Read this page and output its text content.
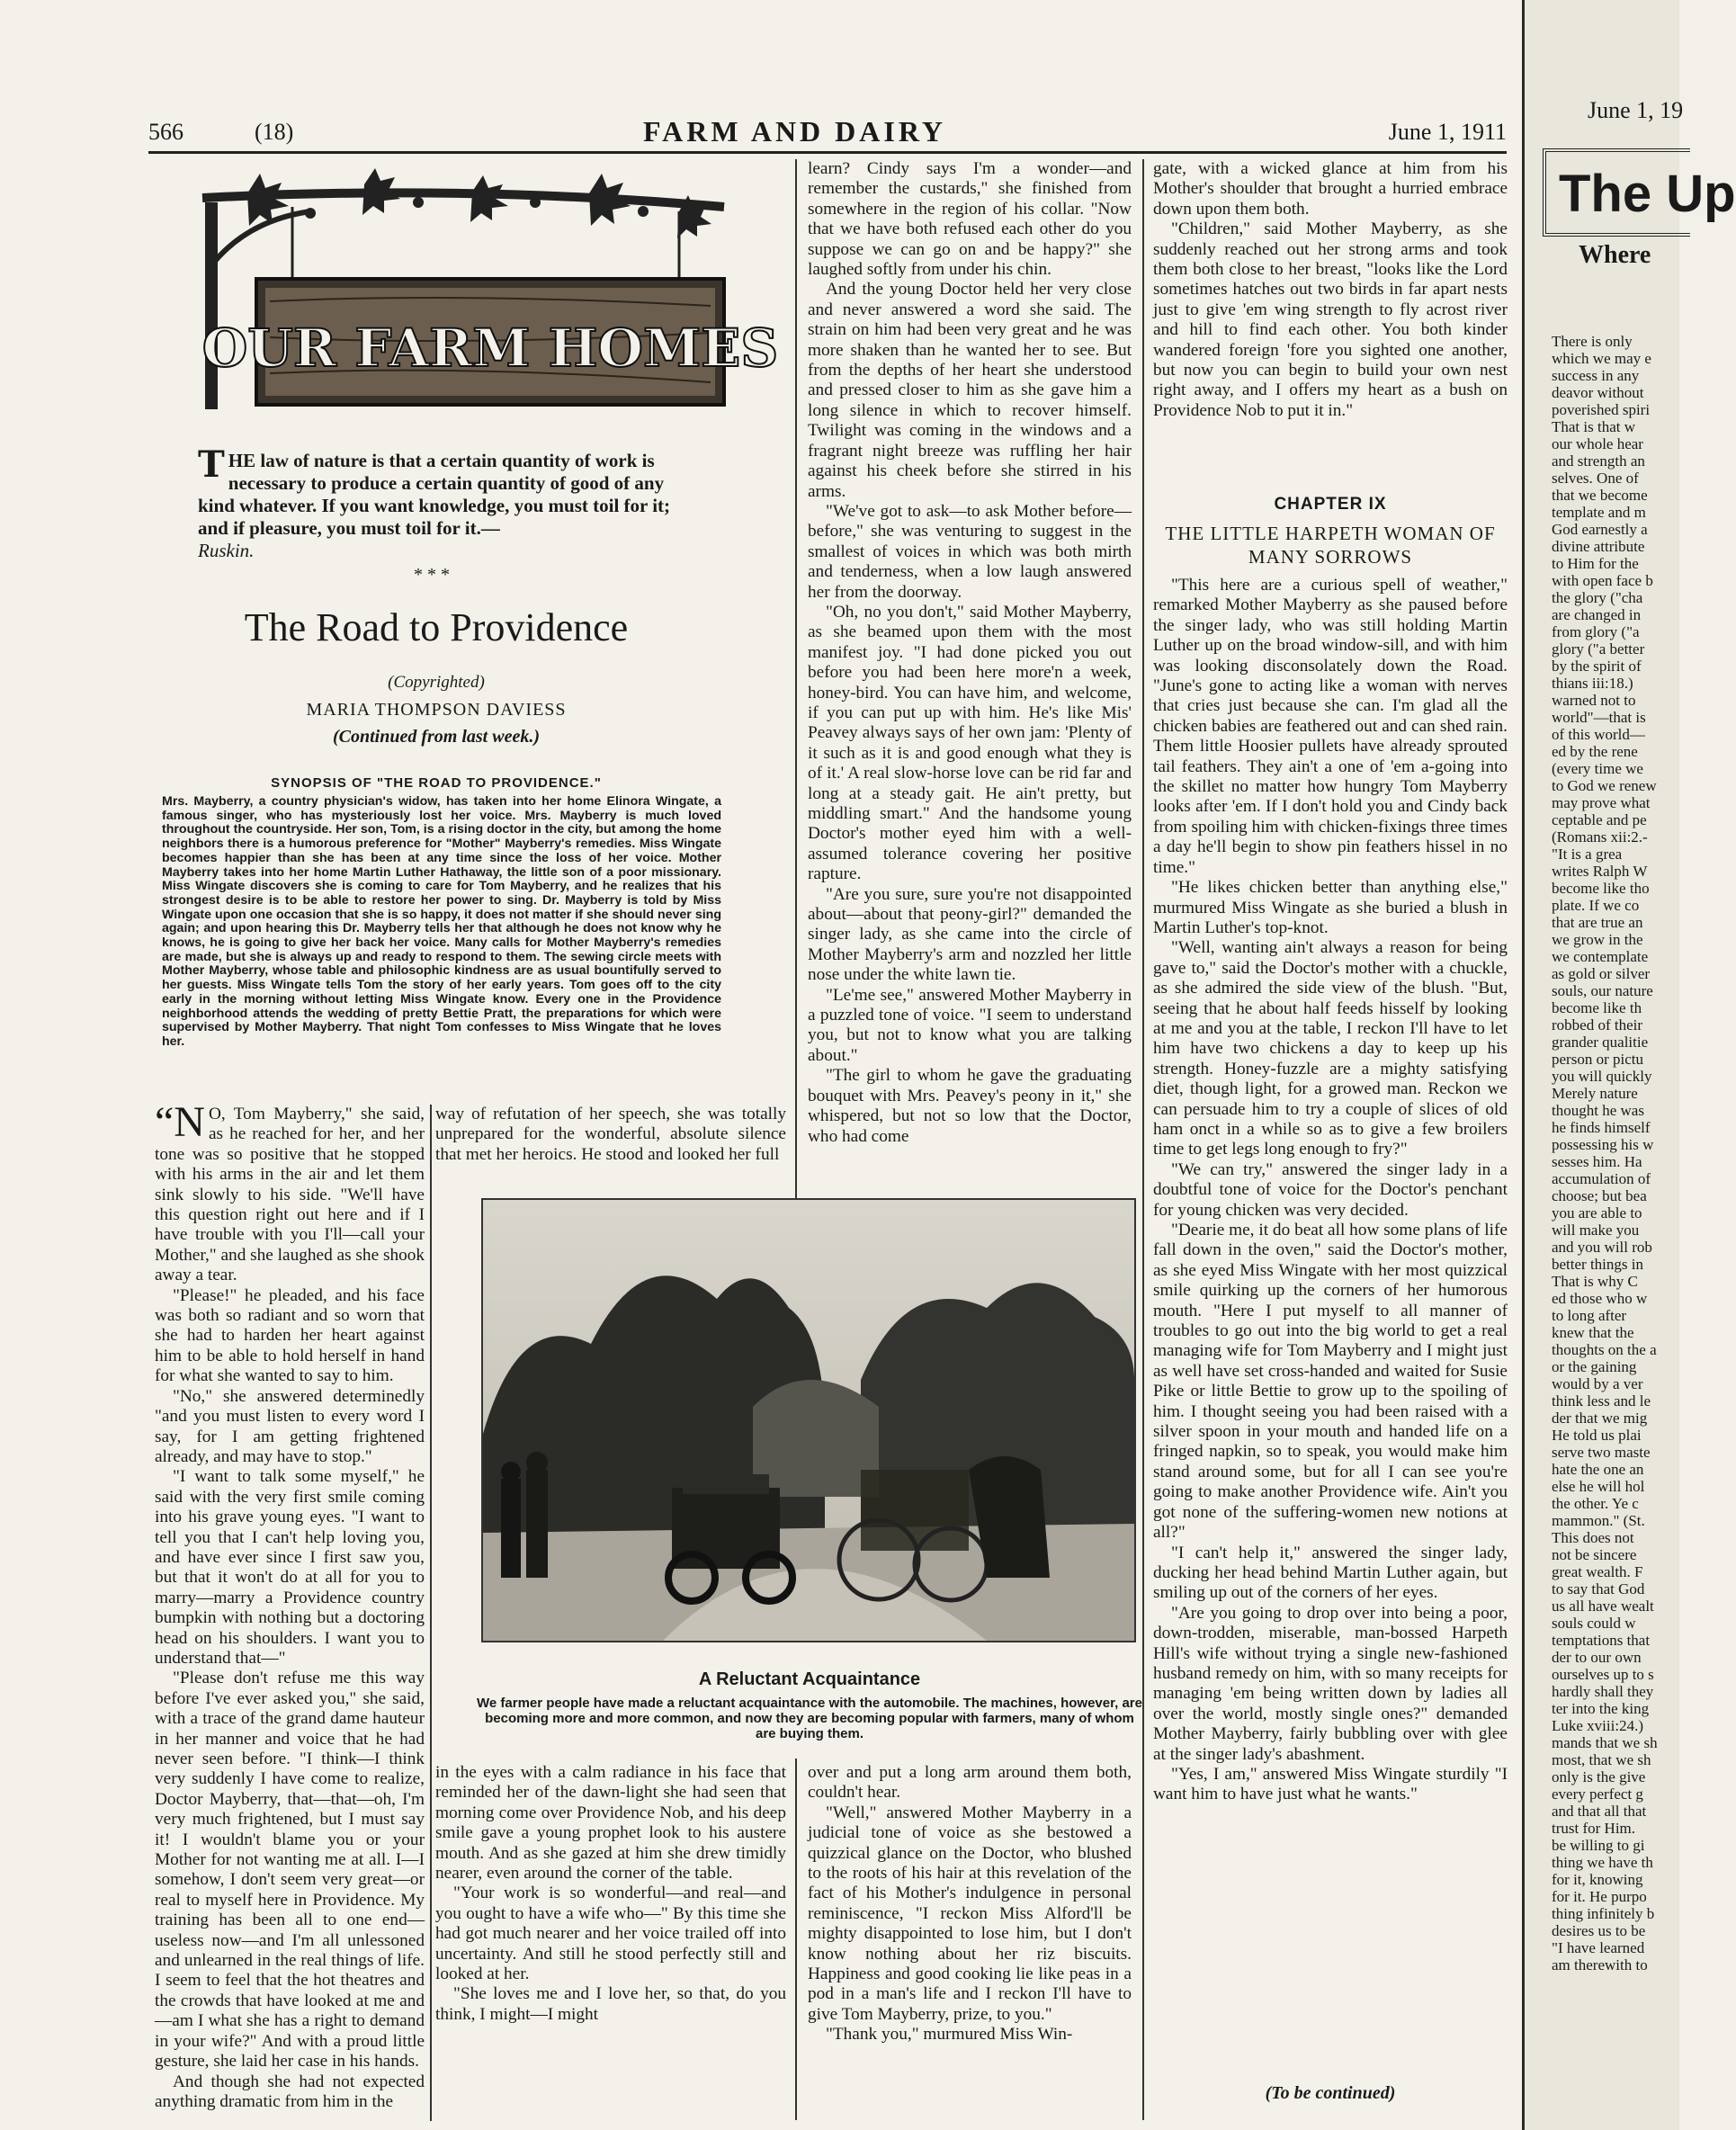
566	(18)	FARM AND DAIRY	June 1, 1911
OUR FARM HOMES
T HE law of nature is that a certain quantity of work is necessary to produce a certain quantity of good of any kind whatever. If you want knowledge, you must toil for it; and if pleasure, you must toil for it.—
Ruskin.
* * *
The Road to Providence
(Copyrighted)
MARIA THOMPSON DAVIESS
(Continued from last week.)
SYNOPSIS OF "THE ROAD TO PROVIDENCE."
Mrs. Mayberry, a country physician's widow, has taken into her home Elinora Wingate, a famous singer, who has mysteriously lost her voice. Mrs. Mayberry is much loved throughout the countryside. Her son, Tom, is a rising doctor in the city, but among the home neighbors there is a humorous preference for "Mother" Mayberry's remedies. Miss Wingate becomes happier than she has been at any time since the loss of her voice. Mother Mayberry takes into her home Martin Luther Hathaway, the little son of a poor missionary. Miss Wingate discovers she is coming to care for Tom Mayberry, and he realizes that his strongest desire is to be able to restore her power to sing. Dr. Mayberry is told by Miss Wingate upon one occasion that she is so happy, it does not matter if she should never sing again; and upon hearing this Dr. Mayberry tells her that although he does not know why he knows, he is going to give her back her voice. Many calls for Mother Mayberry's remedies are made, but she is always up and ready to respond to them. The sewing circle meets with Mother Mayberry, whose table and philosophic kindness are as usual bountifully served to her guests. Miss Wingate tells Tom the story of her early years. Tom goes off to the city early in the morning without letting Miss Wingate know. Every one in the Providence neighborhood attends the wedding of pretty Bettie Pratt, the preparations for which were supervised by Mother Mayberry. That night Tom confesses to Miss Wingate that he loves her.

“N O, Tom Mayberry," she said, as he reached for her, and her tone was so positive that he stopped with his arms in the air and let them sink slowly to his side. "We'll have this question right out here and if I have trouble with you I'll—call your Mother," and she laughed as she shook away a tear.

"Please!" he pleaded, and his face was both so radiant and so worn that she had to harden her heart against him to be able to hold herself in hand for what she wanted to say to him.

"No," she answered determinedly "and you must listen to every word I say, for I am getting frightened already, and may have to stop."

"I want to talk some myself," he said with the very first smile coming into his grave young eyes. "I want to tell you that I can't help loving you, and have ever since I first saw you, but that it won't do at all for you to marry—marry a Providence country bumpkin with nothing but a doctoring head on his shoulders. I want you to understand that—"

"Please don't refuse me this way before I've ever asked you," she said, with a trace of the grand dame hauteur in her manner and voice that he had never seen before. "I think—I think very suddenly I have come to realize, Doctor Mayberry, that—that—oh, I'm very much frightened, but I must say it! I wouldn't blame you or your Mother for not wanting me at all. I—I somehow, I don't seem very great—or real to myself here in Providence. My training has been all to one end—useless now—and I'm all unlessoned and unlearned in the real things of life. I seem to feel that the hot theatres and the crowds that have looked at me and—am I what she has a right to demand in your wife?" And with a proud little gesture, she laid her case in his hands.

And though she had not expected anything dramatic from him in the

way of refutation of her speech, she was totally unprepared for the wonderful, absolute silence that met her heroics. He stood and looked her full

A Reluctant Acquaintance
We farmer people have made a reluctant acquaintance with the automobile. The machines, however, are becoming more and more common, and now they are becoming popular with farmers, many of whom are buying them.

learn? Cindy says I'm a wonder—and remember the custards," she finished from somewhere in the region of his collar. "Now that we have both refused each other do you suppose we can go on and be happy?" she laughed softly from under his chin.

And the young Doctor held her very close and never answered a word she said. The strain on him had been very great and he was more shaken than he wanted her to see. But from the depths of her heart she understood and pressed closer to him as she gave him a long silence in which to recover himself. Twilight was coming in the windows and a fragrant night breeze was ruffling her hair against his cheek before she stirred in his arms.

"We've got to ask—to ask Mother before—before," she was venturing to suggest in the smallest of voices in which was both mirth and tenderness, when a low laugh answered her from the doorway.

"Oh, no you don't," said Mother Mayberry, as she beamed upon them with the most manifest joy. "I had done picked you out before you had been here more'n a week, honey-bird. You can have him, and welcome, if you can put up with him. He's like Mis' Peavey always says of her own jam: 'Plenty of it such as it is and good enough what they is of it.' A real slow-horse love can be rid far and long at a steady gait. He ain't pretty, but middling smart." And the handsome young Doctor's mother eyed him with a well-assumed tolerance covering her positive rapture.

"Are you sure, sure you're not disappointed about—about that peony-girl?" demanded the singer lady, as she came into the circle of Mother Mayberry's arm and nozzled her little nose under the white lawn tie.

"Le'me see," answered Mother Mayberry in a puzzled tone of voice. "I seem to understand you, but not to know what you are talking about."

"The girl to whom he gave the graduating bouquet with Mrs. Peavey's peony in it," she whispered, but not so low that the Doctor, who had come

gate, with a wicked glance at him from his Mother's shoulder that brought a hurried embrace down upon them both.

"Children," said Mother Mayberry, as she suddenly reached out her strong arms and took them both close to her breast, "looks like the Lord sometimes hatches out two birds in far apart nests just to give 'em wing strength to fly acrost river and hill to find each other. You both kinder wandered foreign 'fore you sighted one another, but now you can begin to build your own nest right away, and I offers my heart as a bush on Providence Nob to put it in."

CHAPTER IX
THE LITTLE HARPETH WOMAN OF MANY SORROWS

"This here are a curious spell of weather," remarked Mother Mayberry as she paused before the singer lady, who was still holding Martin Luther up on the broad window-sill, and with him was looking disconsolately down the Road. "June's gone to acting like a woman with nerves that cries just because she can. I'm glad all the chicken babies are feathered out and can shed rain. Them little Hoosier pullets have already sprouted tail feathers. They ain't a one of 'em a-going into the skillet no matter how hungry Tom Mayberry looks after 'em. If I don't hold you and Cindy back from spoiling him with chicken-fixings three times a day he'll begin to show pin feathers hissel in no time."

"He likes chicken better than anything else," murmured Miss Wingate as she buried a blush in Martin Luther's top-knot.

"Well, wanting ain't always a reason for being gave to," said the Doctor's mother with a chuckle, as she admired the side view of the blush. "But, seeing that he about half feeds hisself by looking at me and you at the table, I reckon I'll have to let him have two chickens a day to keep up his strength. Honey-fuzzle are a mighty satisfying diet, though light, for a growed man. Reckon we can persuade him to try a couple of slices of old ham onct in a while so as to give a few broilers time to get legs long enough to fry?"

"We can try," answered the singer lady in a doubtful tone of voice for the Doctor's penchant for young chicken was very decided.

"Dearie me, it do beat all how some plans of life fall down in the oven," said the Doctor's mother, as she eyed Miss Wingate with her most quizzical smile quirking up the corners of her humorous mouth. "Here I put myself to all manner of troubles to go out into the big world to get a real managing wife for Tom Mayberry and I might just as well have set cross-handed and waited for Susie Pike or little Bettie to grow up to the spoiling of him. I thought seeing you had been raised with a silver spoon in your mouth and handed life on a fringed napkin, so to speak, you would make him stand around some, but for all I can see you're going to make another Providence wife. Ain't you got none of the suffering-women new notions at all?"

"I can't help it," answered the singer lady, ducking her head behind Martin Luther again, but smiling up out of the corners of her eyes.

"Are you going to drop over into being a poor, down-trodden, miserable, man-bossed Harpeth Hill's wife without trying a single new-fashioned husband remedy on him, with so many receipts for managing 'em being written down by ladies all over the world, mostly single ones?" demanded Mother Mayberry, fairly bubbling over with glee at the singer lady's abashment.

"Yes, I am," answered Miss Wingate sturdily "I want him to have just what he wants."

(To be continued)

in the eyes with a calm radiance in his face that reminded her of the dawn-light she had seen that morning come over Providence Nob, and his deep smile gave a young prophet look to his austere mouth. And as she gazed at him she drew timidly nearer, even around the corner of the table.

"Your work is so wonderful—and real—and you ought to have a wife who—" By this time she had got much nearer and her voice trailed off into uncertainty. And still he stood perfectly still and looked at her.

"She loves me and I love her, so that, do you think, I might—I might

over and put a long arm around them both, couldn't hear.

"Well," answered Mother Mayberry in a judicial tone of voice as she bestowed a quizzical glance on the Doctor, who blushed to the roots of his hair at this revelation of the fact of his Mother's indulgence in personal reminiscence, "I reckon Miss Alford'll be mighty disappointed to lose him, but I don't know nothing about her riz biscuits. Happiness and good cooking lie like peas in a pod in a man's life and I reckon I'll have to give Tom Mayberry, prize, to you."

"Thank you," murmured Miss Win-

June 1, 19
The Up
Where
There is only
which we may e
success in any
deavor without
poverished spiri
That is that w
our whole hear
and strength an
selves. One of
that we become
template and m
God earnestly a
divine attribute
to Him for the
with open face b
the glory ("cha
are changed in
from glory ("a
glory ("a better
by the spirit of
thians iii:18.)
warned not to
world"—that is
of this world—
ed by the rene
(every time we
to God we renew
may prove what
ceptable and pe
(Romans xii:2.-
"It is a grea
writes Ralph W
become like tho
plate. If we co
that are true an
we grow in the
we contemplate
as gold or silver
souls, our nature
become like th
robbed of their
grander qualitie
person or pictu
you will quickly
Merely nature
thought he was
he finds himself
possessing his w
sesses him. Ha
accumulation of
choose; but bea
you are able to
will make you
and you will rob
better things in
That is why C
ed those who w
to long after
knew that the
thoughts on the a
or the gaining
would by a ver
think less and le
der that we mig
He told us plai
serve two maste
hate the one an
else he will hol
the other. Ye c
mammon." (St.
This does not
not be sincere
great wealth. F
to say that God
us all have wealt
souls could w
temptations that
der to our own
ourselves up to s
hardly shall they
ter into the king
Luke xviii:24.)
mands that we sh
most, that we sh
only is the give
every perfect g
and that all that
trust for Him.
be willing to gi
thing we have th
for it, knowing
for it. He purpo
thing infinitely b
desires us to be
"I have learned
am therewith to
